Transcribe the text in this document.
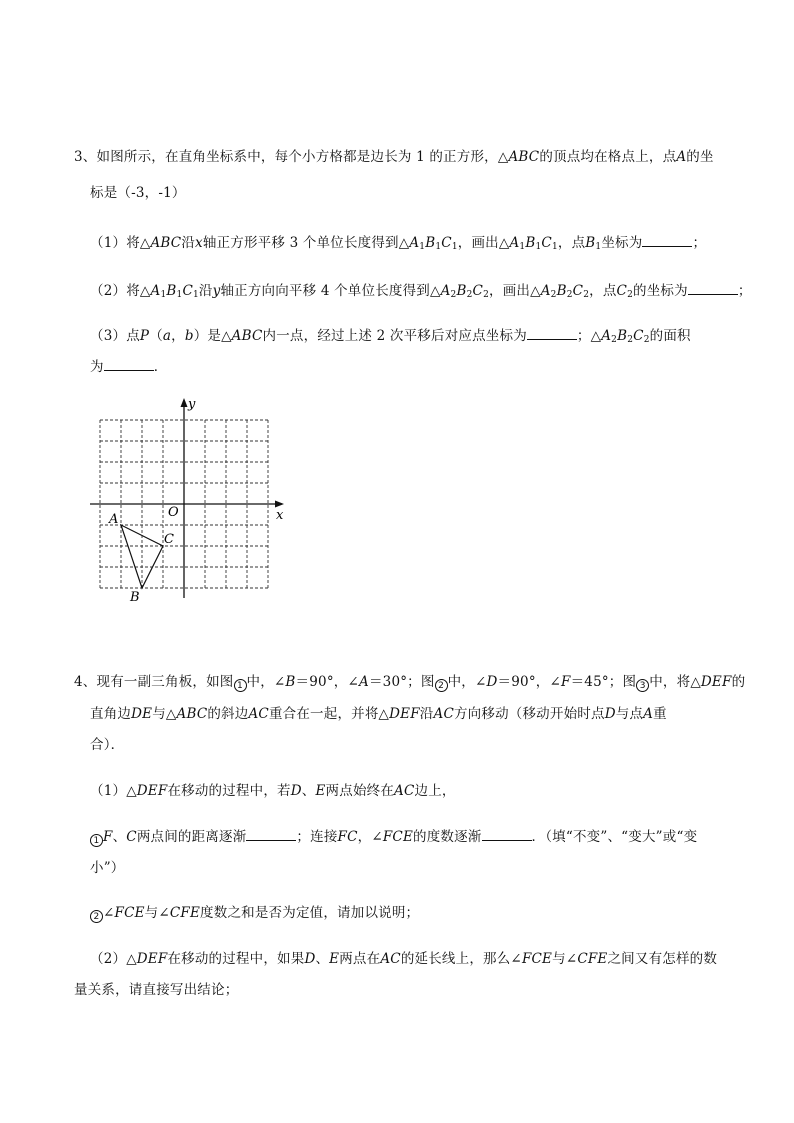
3、如图所示，在直角坐标系中，每个小方格都是边长为 1 的正方形，△ABC的顶点均在格点上，点A的坐
标是（-3，-1）
（1）将△ABC沿x轴正方形平移 3 个单位长度得到$\triangle A_1B_1C_1$，画出$\triangle A_1B_1C_1$，点$B_1$坐标为	；
（2）将$\triangle A_1B_1C_1$沿y轴正方向向平移 4 个单位长度得到$\triangle A_2B_2C_2$，画出$\triangle A_2B_2C_2$，点$C_2$的坐标为	；
（3）点P（a，b）是△ABC内一点，经过上述 2 次平移后对应点坐标为	；$\triangle A_2B_2C_2$的面积
为	．
x
y
O
A
B
C
4、现有一副三角板，如图 1 中，∠B＝90°，∠A＝30°；图 2 中，∠D＝90°，∠F＝45°；图 3 中，将△DEF的
直角边DE与△ABC的斜边AC重合在一起，并将△DEF沿AC方向移动（移动开始时点D与点A重
合）．
（1）△DEF在移动的过程中，若D、E两点始终在AC边上，
1 F、C两点间的距离逐渐	；连接FC，∠FCE的度数逐渐	．（填“不变”、“变大”或“变
小”）
2 ∠FCE与∠CFE度数之和是否为定值，请加以说明；
（2）△DEF在移动的过程中，如果D、E两点在AC的延长线上，那么∠FCE与∠CFE之间又有怎样的数
量关系，请直接写出结论；
